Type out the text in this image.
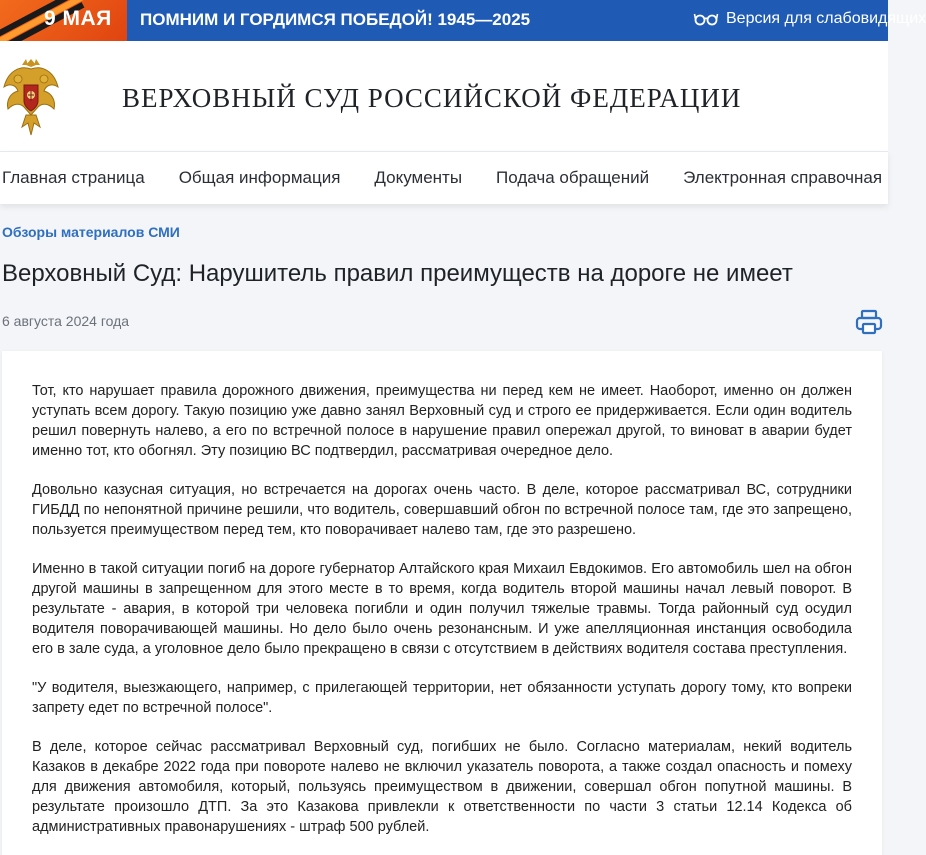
9 МАЯ ПОМНИМ И ГОРДИМСЯ ПОБЕДОЙ! 1945—2025	Версия для слабовидящих
ВЕРХОВНЫЙ СУД РОССИЙСКОЙ ФЕДЕРАЦИИ
Главная страница Общая информация Документы Подача обращений Электронная справочная
Обзоры материалов СМИ
Верховный Суд: Нарушитель правил преимуществ на дороге не имеет
6 августа 2024 года

Тот, кто нарушает правила дорожного движения, преимущества ни перед кем не имеет. Наоборот, именно он должен уступать всем дорогу. Такую позицию уже давно занял Верховный суд и строго ее придерживается. Если один водитель решил повернуть налево, а его по встречной полосе в нарушение правил опережал другой, то виноват в аварии будет именно тот, кто обогнял. Эту позицию ВС подтвердил, рассматривая очередное дело.

Довольно казусная ситуация, но встречается на дорогах очень часто. В деле, которое рассматривал ВС, сотрудники ГИБДД по непонятной причине решили, что водитель, совершавший обгон по встречной полосе там, где это запрещено, пользуется преимуществом перед тем, кто поворачивает налево там, где это разрешено.

Именно в такой ситуации погиб на дороге губернатор Алтайского края Михаил Евдокимов. Его автомобиль шел на обгон другой машины в запрещенном для этого месте в то время, когда водитель второй машины начал левый поворот. В результате - авария, в которой три человека погибли и один получил тяжелые травмы. Тогда районный суд осудил водителя поворачивающей машины. Но дело было очень резонансным. И уже апелляционная инстанция освободила его в зале суда, а уголовное дело было прекращено в связи с отсутствием в действиях водителя состава преступления.

"У водителя, выезжающего, например, с прилегающей территории, нет обязанности уступать дорогу тому, кто вопреки запрету едет по встречной полосе".

В деле, которое сейчас рассматривал Верховный суд, погибших не было. Согласно материалам, некий водитель Казаков в декабре 2022 года при повороте налево не включил указатель поворота, а также создал опасность и помеху для движения автомобиля, который, пользуясь преимуществом в движении, совершал обгон попутной машины. В результате произошло ДТП. За это Казакова привлекли к ответственности по части 3 статьи 12.14 Кодекса об административных правонарушениях - штраф 500 рублей.
